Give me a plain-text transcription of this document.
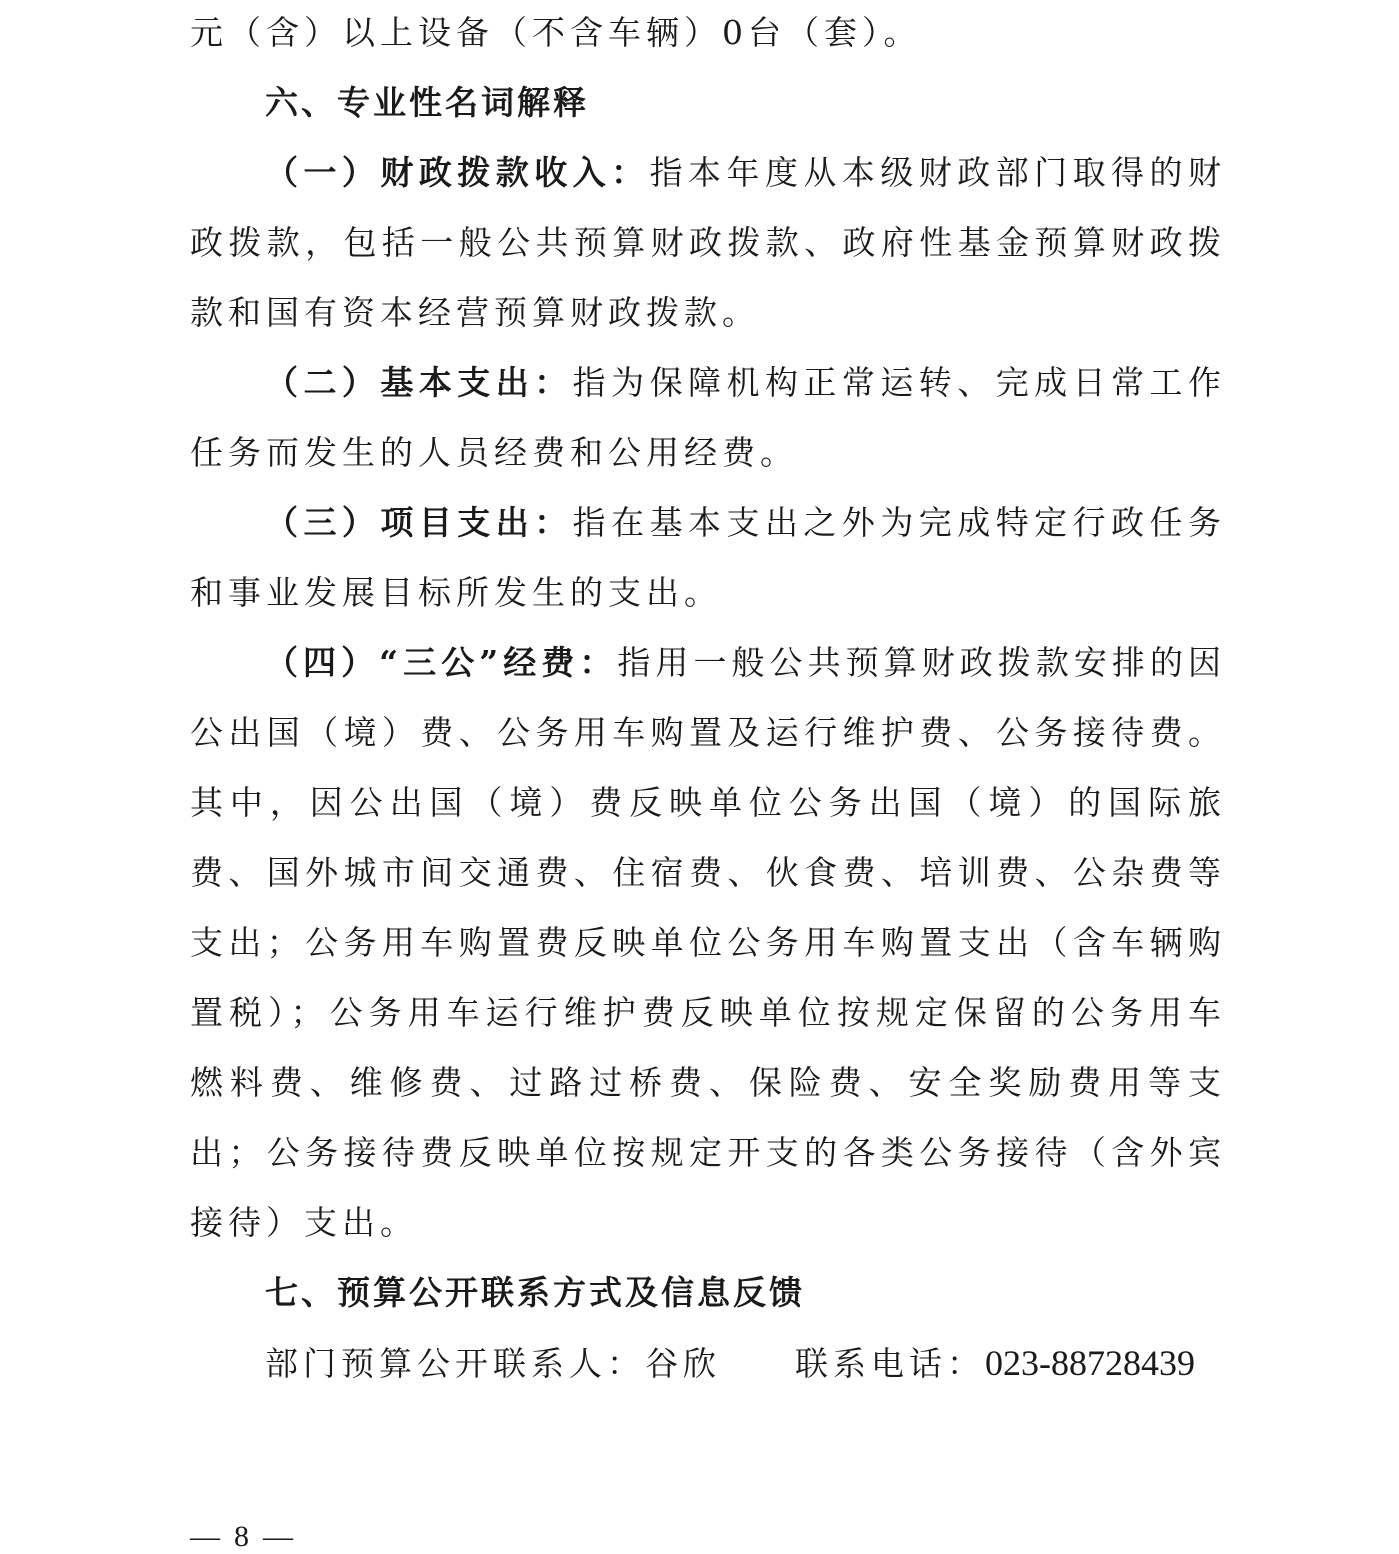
元（含）以上设备（不含车辆）0台（套）。

六、专业性名词解释

（一）财政拨款收入：指本年度从本级财政部门取得的财政拨款，包括一般公共预算财政拨款、政府性基金预算财政拨款和国有资本经营预算财政拨款。

（二）基本支出：指为保障机构正常运转、完成日常工作任务而发生的人员经费和公用经费。

（三）项目支出：指在基本支出之外为完成特定行政任务和事业发展目标所发生的支出。

（四）“三公”经费：指用一般公共预算财政拨款安排的因公出国（境）费、公务用车购置及运行维护费、公务接待费。其中，因公出国（境）费反映单位公务出国（境）的国际旅费、国外城市间交通费、住宿费、伙食费、培训费、公杂费等支出；公务用车购置费反映单位公务用车购置支出（含车辆购置税）；公务用车运行维护费反映单位按规定保留的公务用车燃料费、维修费、过路过桥费、保险费、安全奖励费用等支出；公务接待费反映单位按规定开支的各类公务接待（含外宾接待）支出。

七、预算公开联系方式及信息反馈

部门预算公开联系人：谷欣 联系电话：023-88728439

— 8 —
